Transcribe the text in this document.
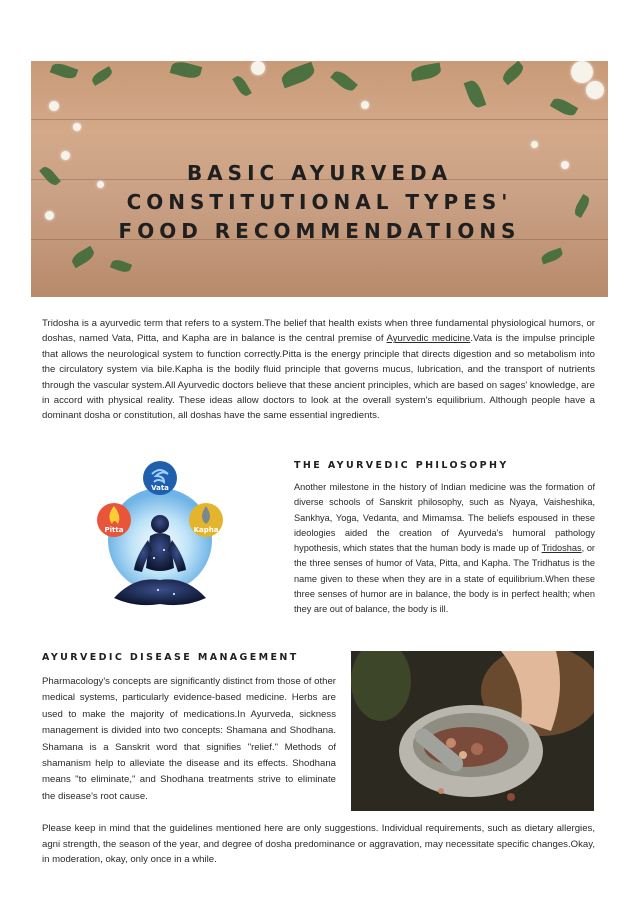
BASIC AYURVEDA
CONSTITUTIONAL TYPES'
FOOD RECOMMENDATIONS

Tridosha is a ayurvedic term that refers to a system.The belief that health exists when three fundamental physiological humors, or doshas, named Vata, Pitta, and Kapha are in balance is the central premise of Ayurvedic medicine.Vata is the impulse principle that allows the neurological system to function correctly.Pitta is the energy principle that directs digestion and so metabolism into the circulatory system via bile.Kapha is the bodily fluid principle that governs mucus, lubrication, and the transport of nutrients through the vascular system.All Ayurvedic doctors believe that these ancient principles, which are based on sages' knowledge, are in accord with physical reality. These ideas allow doctors to look at the overall system's equilibrium. Although people have a dominant dosha or constitution, all doshas have the same essential ingredients.

Vata
Pitta	Kapha
THE AYURVEDIC PHILOSOPHY

Another milestone in the history of Indian medicine was the formation of diverse schools of Sanskrit philosophy, such as Nyaya, Vaisheshika, Sankhya, Yoga, Vedanta, and Mimamsa. The beliefs espoused in these ideologies aided the creation of Ayurveda's humoral pathology hypothesis, which states that the human body is made up of Tridoshas, or the three senses of humor of Vata, Pitta, and Kapha. The Tridhatus is the name given to these when they are in a state of equilibrium.When these three senses of humor are in balance, the body is in perfect health; when they are out of balance, the body is ill.

AYURVEDIC DISEASE MANAGEMENT

Pharmacology's concepts are significantly distinct from those of other medical systems, particularly evidence-based medicine. Herbs are used to make the majority of medications.In Ayurveda, sickness management is divided into two concepts: Shamana and Shodhana. Shamana is a Sanskrit word that signifies "relief." Methods of shamanism help to alleviate the disease and its effects. Shodhana means "to eliminate," and Shodhana treatments strive to eliminate the disease's root cause.

Please keep in mind that the guidelines mentioned here are only suggestions. Individual requirements, such as dietary allergies, agni strength, the season of the year, and degree of dosha predominance or aggravation, may necessitate specific changes.Okay, in moderation, okay, only once in a while.
